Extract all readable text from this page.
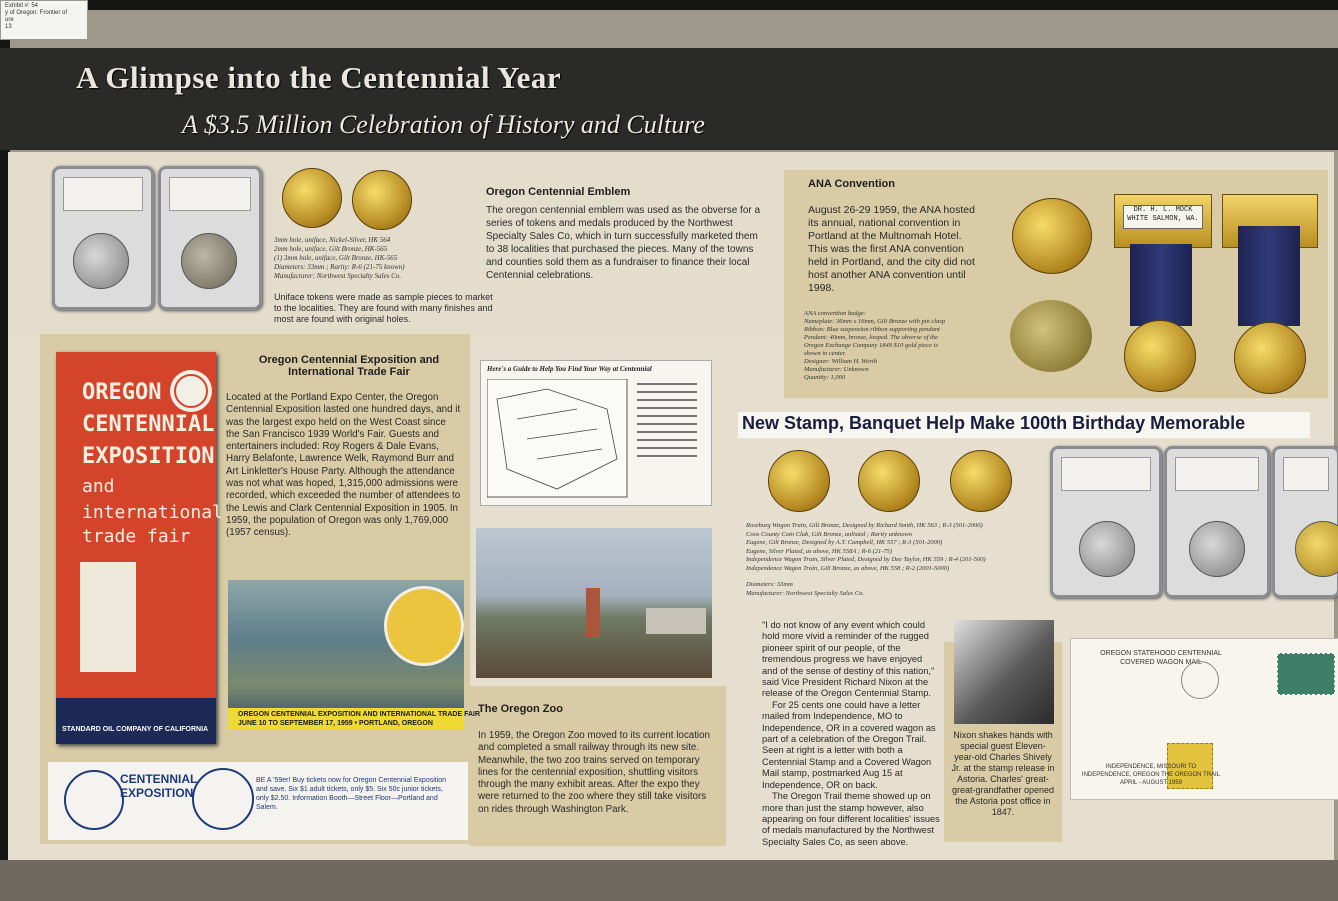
A Glimpse into the Centennial Year
A $3.5 Million Celebration of History and Culture
Exhibit #: 54
y of Oregon: Frontier of
ure
13
3mm hole, uniface, Nickel-Silver, HK 564
2mm hole, uniface, Gilt Bronze, HK-565
(1) 3mm hole, uniface, Gilt Bronze, HK-565
Diameters: 33mm ; Rarity: R-6 (21-75 known)
Manufacturer: Northwest Specialty Sales Co.
Uniface tokens were made as sample pieces to market to the localities. They are found with many finishes and most are found with original holes.
Oregon Centennial Emblem
The oregon centennial emblem was used as the obverse for a series of tokens and medals produced by the Northwest Specialty Sales Co, which in turn successfully marketed them to 38 localities that purchased the pieces. Many of the towns and counties sold them as a fundraiser to finance their local Centennial celebrations.
ANA Convention
August 26-29 1959, the ANA hosted its annual, national convention in Portland at the Multnomah Hotel. This was the first ANA convention held in Portland, and the city did not host another ANA convention until 1998.
ANA convention badge:
Nameplate: 36mm x 16mm, Gilt Bronze with pin clasp
Ribbon: Blue suspension ribbon supporting pendant
Pendant: 40mm, bronze, looped. The obverse of the
Oregon Exchange Company 1849 $10 gold piece is
shown in center.
Designer: William H. Worth
Manufacturer: Unknown
Quantity: 1,000
DR. H. L. MOCK
WHITE SALMON, WA.
New Stamp, Banquet Help Make 100th Birthday Memorable
Roseburg Wagon Train, Gilt Bronze, Designed by Richard Smith, HK 563 ; R-3 (501-2000)
Coos County Coin Club, Gilt Bronze, unlisted ; Rarity unknown
Eugene, Gilt Bronze, Designed by A.T. Campbell, HK 557 ; R-3 (501-2000)
Eugene, Silver Plated, as above, HK 558A ; R-6 (21-75)
Independence Wagon Train, Silver Plated, Designed by Dee Taylor, HK 559 ; R-4 (201-500)
Independence Wagon Train, Gilt Bronze, as above, HK 558 ; R-2 (2001-5000)
Diameters: 33mm
Manufacturer: Northwest Specialty Sales Co.
"I do not know of any event which could hold more vivid a reminder of the rugged pioneer spirit of our people, of the tremendous progress we have enjoyed and of the sense of destiny of this nation," said Vice President Richard Nixon at the release of the Oregon Centennial Stamp.
For 25 cents one could have a letter mailed from Independence, MO to Independence, OR in a covered wagon as part of a celebration of the Oregon Trail. Seen at right is a letter with both a Centennial Stamp and a Covered Wagon Mail stamp, postmarked Aug 15 at Independence, OR on back.
The Oregon Trail theme showed up on more than just the stamp however, also appearing on four different localities' issues of medals manufactured by the Northwest Specialty Sales Co, as seen above.
Nixon shakes hands with special guest Eleven-year-old Charles Shively Jr. at the stamp release in Astoria. Charles' great-great-grandfather opened the Astoria post office in 1847.
OREGON STATEHOOD CENTENNIAL
COVERED WAGON MAIL
INDEPENDENCE, MISSOURI TO INDEPENDENCE, OREGON THE OREGON TRAIL APRIL - AUGUST 1959
OREGON
CENTENNIAL
EXPOSITION
and
international
trade fair
STANDARD OIL COMPANY OF CALIFORNIA
Oregon Centennial Exposition and International Trade Fair
Located at the Portland Expo Center, the Oregon Centennial Exposition lasted one hundred days, and it was the largest expo held on the West Coast since the San Francisco 1939 World's Fair. Guests and entertainers included: Roy Rogers & Dale Evans, Harry Belafonte, Lawrence Welk, Raymond Burr and Art Linkletter's House Party. Although the attendance was not what was hoped, 1,315,000 admissions were recorded, which exceeded the number of attendees to the Lewis and Clark Centennial Exposition in 1905. In 1959, the population of Oregon was only 1,769,000 (1957 census).
OREGON CENTENNIAL EXPOSITION AND INTERNATIONAL TRADE FAIR
JUNE 10 TO SEPTEMBER 17, 1959 • PORTLAND, OREGON
Here's a Guide to Help You Find Your Way at Centennial
The Oregon Zoo
In 1959, the Oregon Zoo moved to its current location and completed a small railway through its new site. Meanwhile, the two zoo trains served on temporary lines for the centennial exposition, shuttling visitors through the many exhibit areas. After the expo they were returned to the zoo where they still take visitors on rides through Washington Park.
CENTENNIAL EXPOSITION
BE A '59er! Buy tickets now for Oregon Centennial Exposition and save. Six $1 adult tickets, only $5. Six 50c junior tickets, only $2.50. Information Booth—Street Floor—Portland and Salem.
